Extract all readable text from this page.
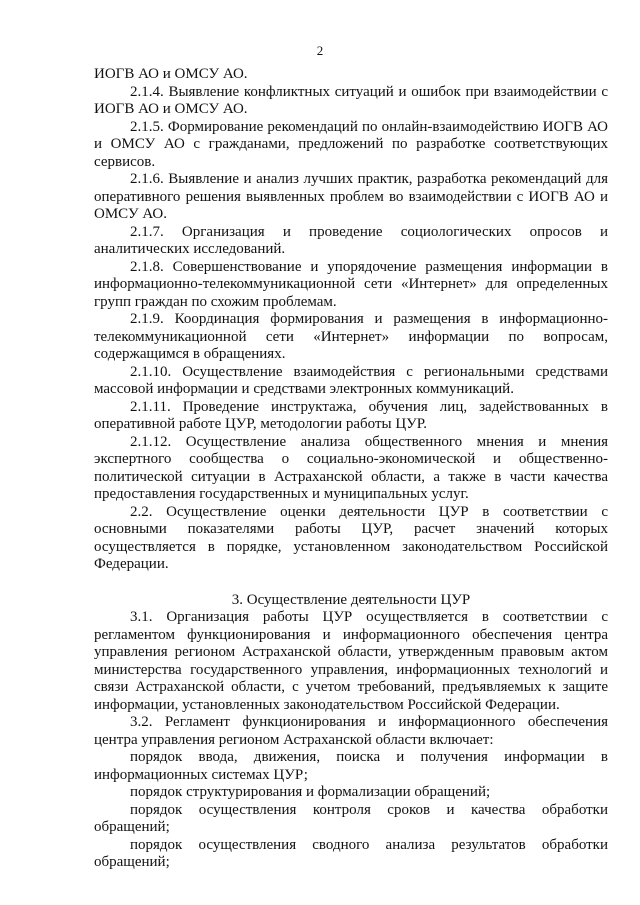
2

ИОГВ АО и ОМСУ АО.

2.1.4. Выявление конфликтных ситуаций и ошибок при взаимодействии с ИОГВ АО и ОМСУ АО.

2.1.5. Формирование рекомендаций по онлайн-взаимодействию ИОГВ АО и ОМСУ АО с гражданами, предложений по разработке соответствующих сервисов.

2.1.6. Выявление и анализ лучших практик, разработка рекомендаций для оперативного решения выявленных проблем во взаимодействии с ИОГВ АО и ОМСУ АО.

2.1.7. Организация и проведение социологических опросов и аналитических исследований.

2.1.8. Совершенствование и упорядочение размещения информации в информационно-телекоммуникационной сети «Интернет» для определенных групп граждан по схожим проблемам.

2.1.9. Координация формирования и размещения в информационно-телекоммуникационной сети «Интернет» информации по вопросам, содержащимся в обращениях.

2.1.10. Осуществление взаимодействия с региональными средствами массовой информации и средствами электронных коммуникаций.

2.1.11. Проведение инструктажа, обучения лиц, задействованных в оперативной работе ЦУР, методологии работы ЦУР.

2.1.12. Осуществление анализа общественного мнения и мнения экспертного сообщества о социально-экономической и общественно-политической ситуации в Астраханской области, а также в части качества предоставления государственных и муниципальных услуг.

2.2. Осуществление оценки деятельности ЦУР в соответствии с основными показателями работы ЦУР, расчет значений которых осуществляется в порядке, установленном законодательством Российской Федерации.

3. Осуществление деятельности ЦУР

3.1. Организация работы ЦУР осуществляется в соответствии с регламентом функционирования и информационного обеспечения центра управления регионом Астраханской области, утвержденным правовым актом министерства государственного управления, информационных технологий и связи Астраханской области, с учетом требований, предъявляемых к защите информации, установленных законодательством Российской Федерации.

3.2. Регламент функционирования и информационного обеспечения центра управления регионом Астраханской области включает:

порядок ввода, движения, поиска и получения информации в информационных системах ЦУР;

порядок структурирования и формализации обращений;

порядок осуществления контроля сроков и качества обработки обращений;

порядок осуществления сводного анализа результатов обработки обращений;
